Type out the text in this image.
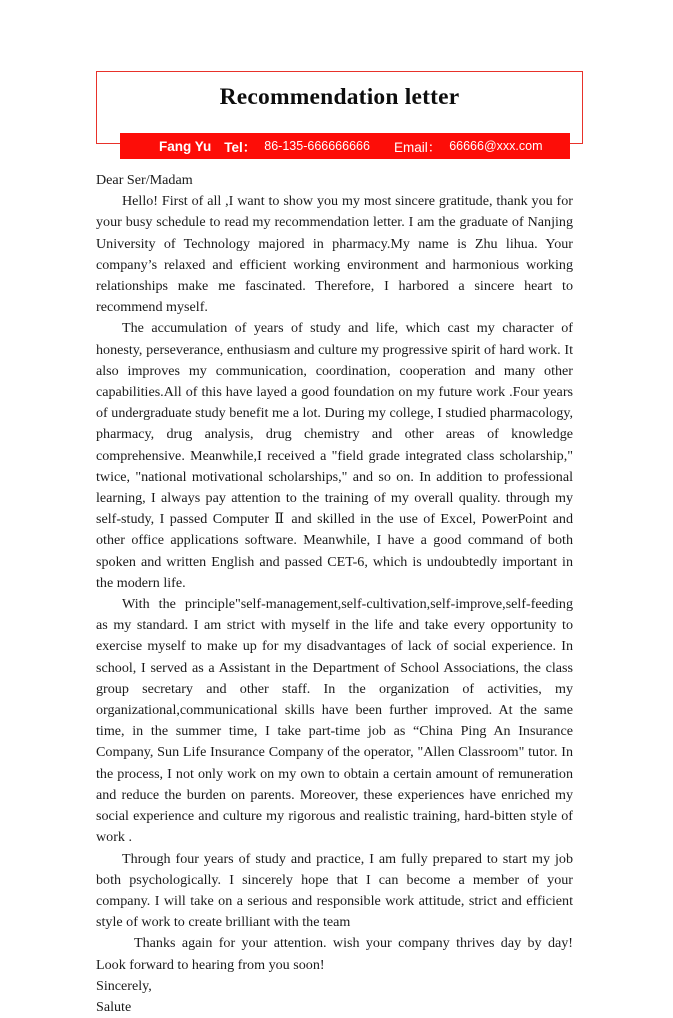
Recommendation letter
Fang Yu Tel： 86-135-666666666 Email： 66666@xxx.com

Dear Ser/Madam

Hello! First of all ,I want to show you my most sincere gratitude, thank you for your busy schedule to read my recommendation letter. I am the graduate of Nanjing University of Technology majored in pharmacy.My name is Zhu lihua. Your company’s relaxed and efficient working environment and harmonious working relationships make me fascinated. Therefore, I harbored a sincere heart to recommend myself.

The accumulation of years of study and life, which cast my character of honesty, perseverance, enthusiasm and culture my progressive spirit of hard work. It also improves my communication, coordination, cooperation and many other capabilities.All of this have layed a good foundation on my future work .Four years of undergraduate study benefit me a lot. During my college, I studied pharmacology, pharmacy, drug analysis, drug chemistry and other areas of knowledge comprehensive. Meanwhile,I received a "field grade integrated class scholarship," twice, "national motivational scholarships," and so on. In addition to professional learning, I always pay attention to the training of my overall quality. through my self-study, I passed Computer Ⅱ and skilled in the use of Excel, PowerPoint and other office applications software. Meanwhile, I have a good command of both spoken and written English and passed CET-6, which is undoubtedly important in the modern life.

With the principle"self-management,self-cultivation,self-improve,self-feeding as my standard. I am strict with myself in the life and take every opportunity to exercise myself to make up for my disadvantages of lack of social experience. In school, I served as a Assistant in the Department of School Associations, the class group secretary and other staff. In the organization of activities, my organizational,communicational skills have been further improved. At the same time, in the summer time, I take part-time job as “China Ping An Insurance Company, Sun Life Insurance Company of the operator, "Allen Classroom" tutor. In the process, I not only work on my own to obtain a certain amount of remuneration and reduce the burden on parents. Moreover, these experiences have enriched my social experience and culture my rigorous and realistic training, hard-bitten style of work .

Through four years of study and practice, I am fully prepared to start my job both psychologically. I sincerely hope that I can become a member of your company. I will take on a serious and responsible work attitude, strict and efficient style of work to create brilliant with the team

Thanks again for your attention. wish your company thrives day by day! Look forward to hearing from you soon!

Sincerely,

Salute
